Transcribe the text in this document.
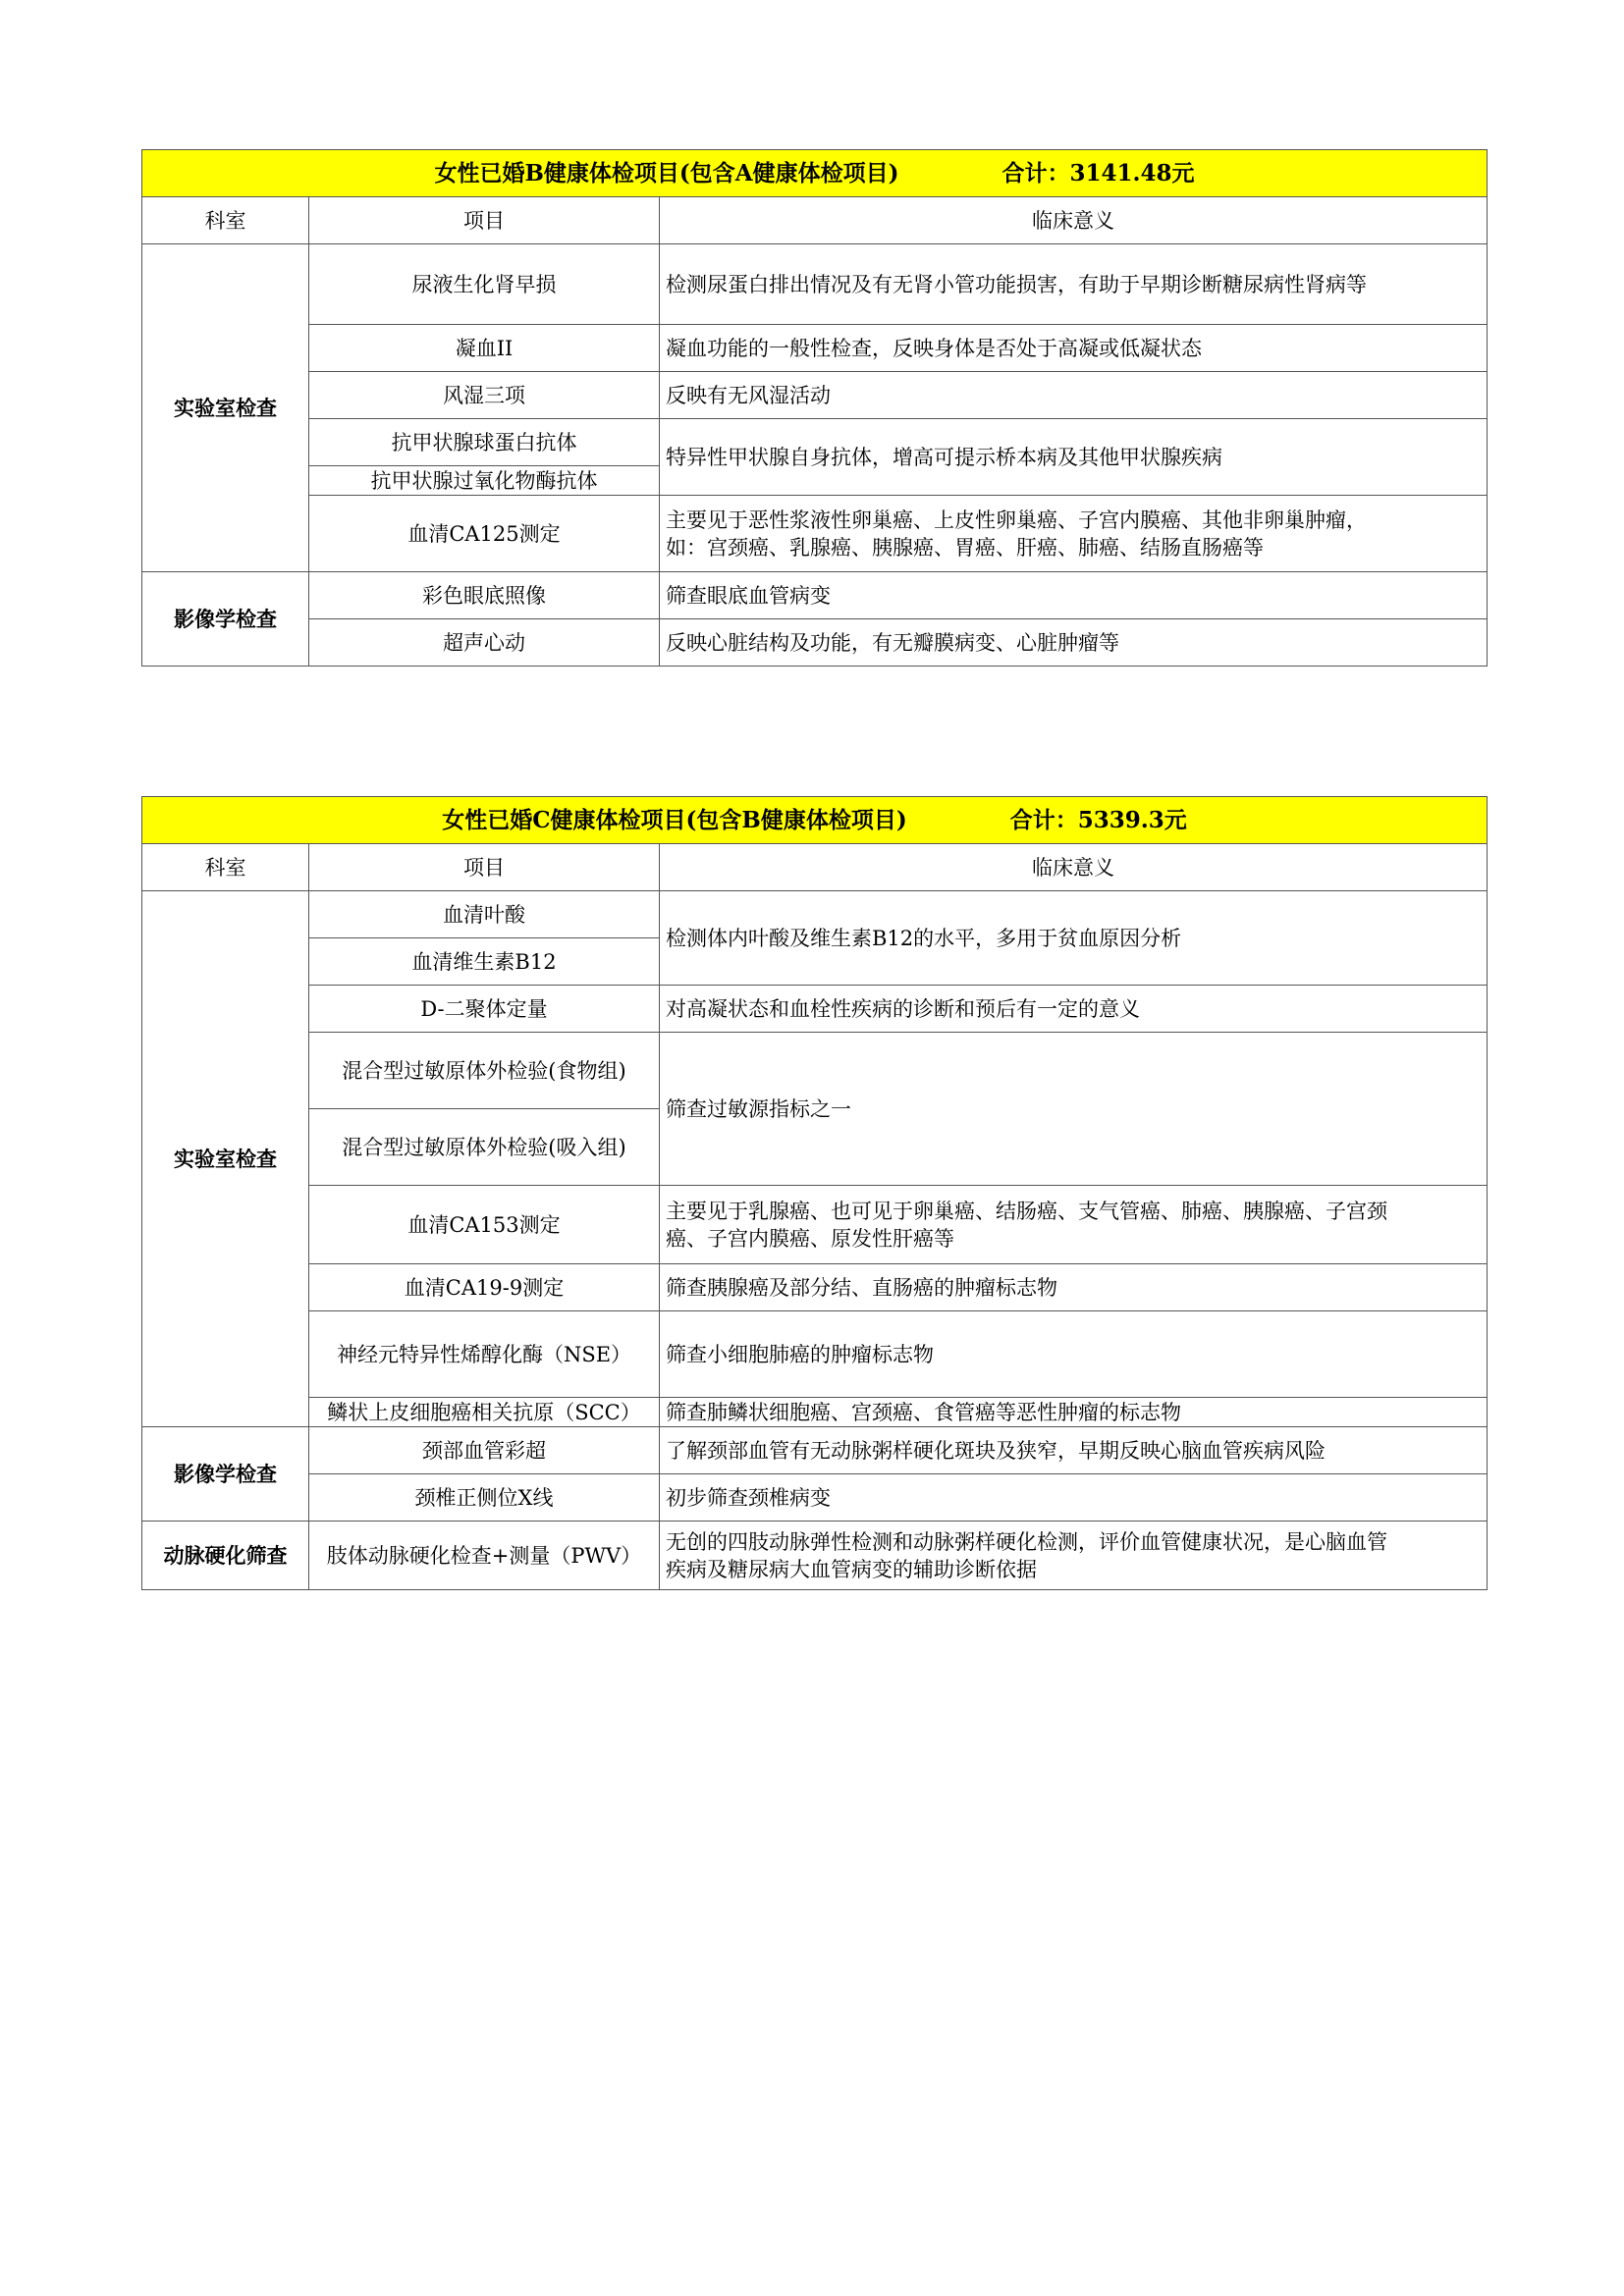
女性已婚B健康体检项目(包含A健康体检项目) 合计：3141.48元		
科室	项目	临床意义
实验室检查	尿液生化肾早损	检测尿蛋白排出情况及有无肾小管功能损害，有助于早期诊断糖尿病性肾病等
	凝血II	凝血功能的一般性检查，反映身体是否处于高凝或低凝状态
	风湿三项	反映有无风湿活动
	抗甲状腺球蛋白抗体	特异性甲状腺自身抗体，增高可提示桥本病及其他甲状腺疾病
	抗甲状腺过氧化物酶抗体	
	血清CA125测定	主要见于恶性浆液性卵巢癌、上皮性卵巢癌、子宫内膜癌、其他非卵巢肿瘤，
如：宫颈癌、乳腺癌、胰腺癌、胃癌、肝癌、肺癌、结肠直肠癌等

影像学检查	彩色眼底照像	筛查眼底血管病变
	超声心动	反映心脏结构及功能，有无瓣膜病变、心脏肿瘤等
女性已婚C健康体检项目(包含B健康体检项目) 合计：5339.3元		
科室	项目	临床意义
实验室检查	血清叶酸	检测体内叶酸及维生素B12的水平，多用于贫血原因分析
	血清维生素B12	
	D-二聚体定量	对高凝状态和血栓性疾病的诊断和预后有一定的意义
	混合型过敏原体外检验(食物组)	筛查过敏源指标之一
	混合型过敏原体外检验(吸入组)	
	血清CA153测定	主要见于乳腺癌、也可见于卵巢癌、结肠癌、支气管癌、肺癌、胰腺癌、子宫颈
癌、子宫内膜癌、原发性肝癌等

	血清CA19-9测定	筛查胰腺癌及部分结、直肠癌的肿瘤标志物
	神经元特异性烯醇化酶（NSE）	筛查小细胞肺癌的肿瘤标志物
	鳞状上皮细胞癌相关抗原（SCC）	筛查肺鳞状细胞癌、宫颈癌、食管癌等恶性肿瘤的标志物
影像学检查	颈部血管彩超	了解颈部血管有无动脉粥样硬化斑块及狭窄，早期反映心脑血管疾病风险
	颈椎正侧位X线	初步筛查颈椎病变
动脉硬化筛查	肢体动脉硬化检查+测量（PWV）	无创的四肢动脉弹性检测和动脉粥样硬化检测，评价血管健康状况，是心脑血管
疾病及糖尿病大血管病变的辅助诊断依据
